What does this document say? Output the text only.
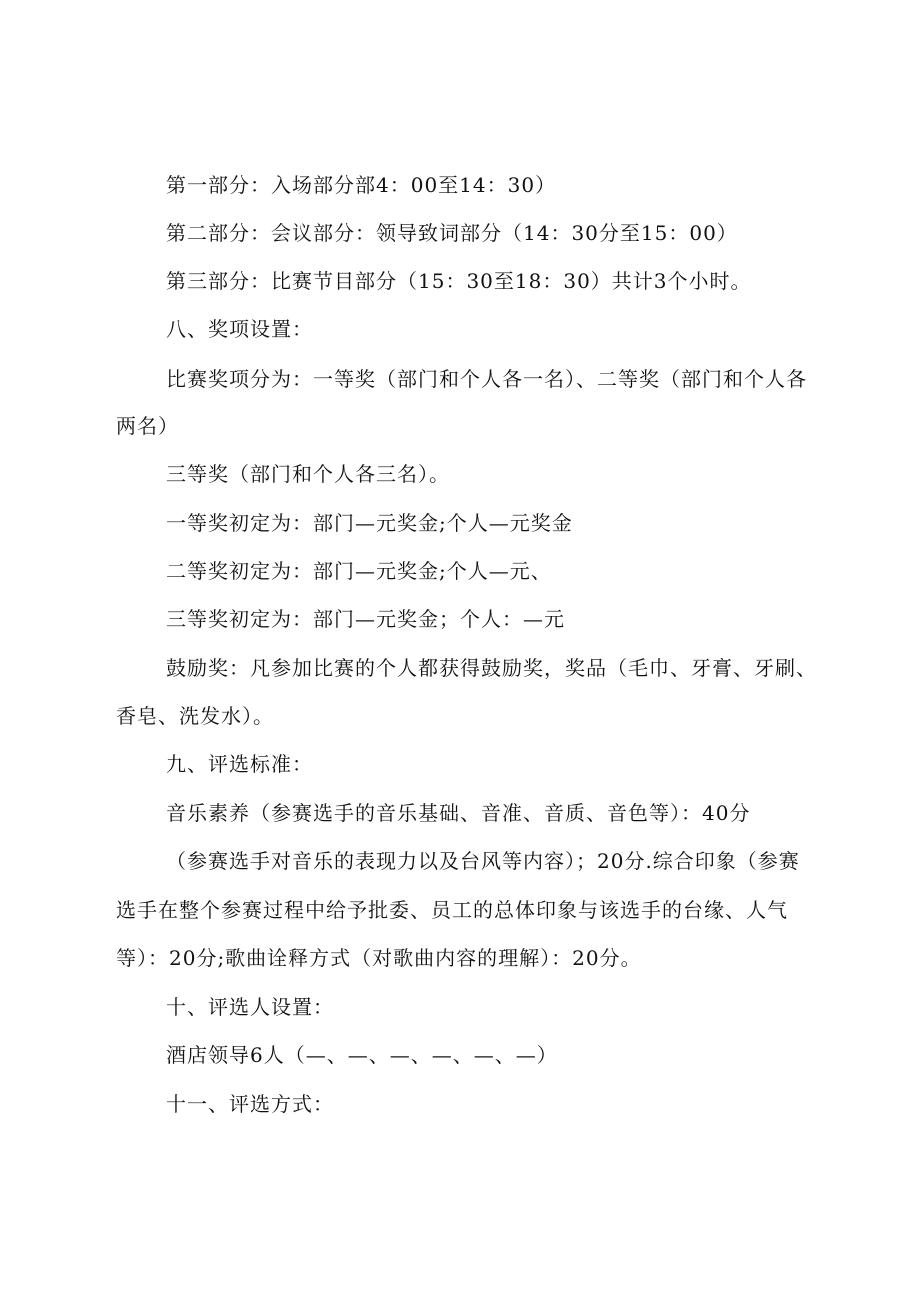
第一部分：入场部分部4：00至14：30）
第二部分：会议部分：领导致词部分（14：30分至15：00）
第三部分：比赛节目部分（15：30至18：30）共计3个小时。
八、奖项设置：
比赛奖项分为：一等奖（部门和个人各一名）、二等奖（部门和个人各
两名）
三等奖（部门和个人各三名）。
一等奖初定为：部门—元奖金;个人—元奖金
二等奖初定为：部门—元奖金;个人—元、
三等奖初定为：部门—元奖金；个人：—元
鼓励奖：凡参加比赛的个人都获得鼓励奖，奖品（毛巾、牙膏、牙刷、
香皂、洗发水）。
九、评选标准：
音乐素养（参赛选手的音乐基础、音准、音质、音色等）：40分
（参赛选手对音乐的表现力以及台风等内容）；20分.综合印象（参赛
选手在整个参赛过程中给予批委、员工的总体印象与该选手的台缘、人气
等）：20分;歌曲诠释方式（对歌曲内容的理解）：20分。
十、评选人设置：
酒店领导6人（—、—、—、—、—、—）
十一、评选方式：
